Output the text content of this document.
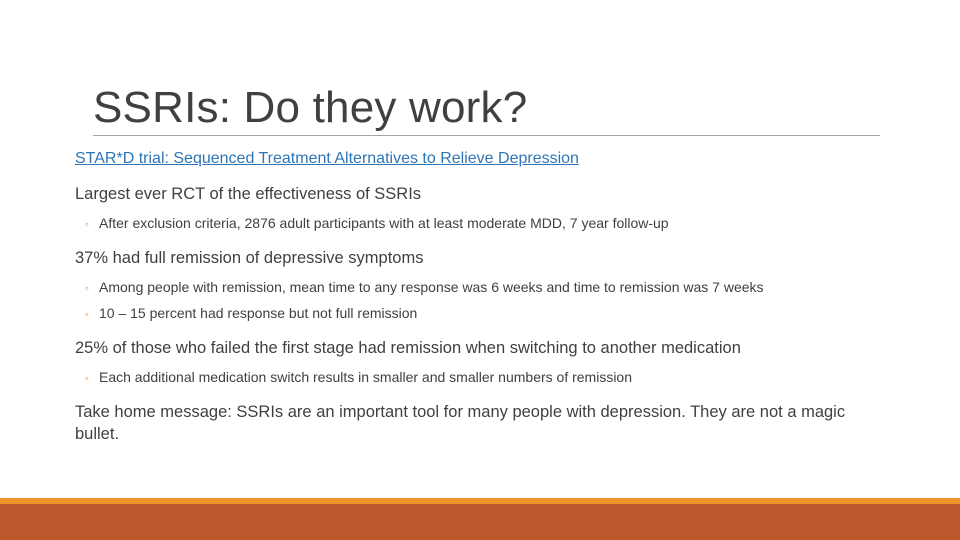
SSRIs: Do they work?
STAR*D trial: Sequenced Treatment Alternatives to Relieve Depression

Largest ever RCT of the effectiveness of SSRIs

◦ After exclusion criteria, 2876 adult participants with at least moderate MDD, 7 year follow-up

37% had full remission of depressive symptoms

◦ Among people with remission, mean time to any response was 6 weeks and time to remission was 7 weeks
◦ 10 – 15 percent had response but not full remission

25% of those who failed the first stage had remission when switching to another medication

◦ Each additional medication switch results in smaller and smaller numbers of remission

Take home message: SSRIs are an important tool for many people with depression. They are not a magic bullet.
